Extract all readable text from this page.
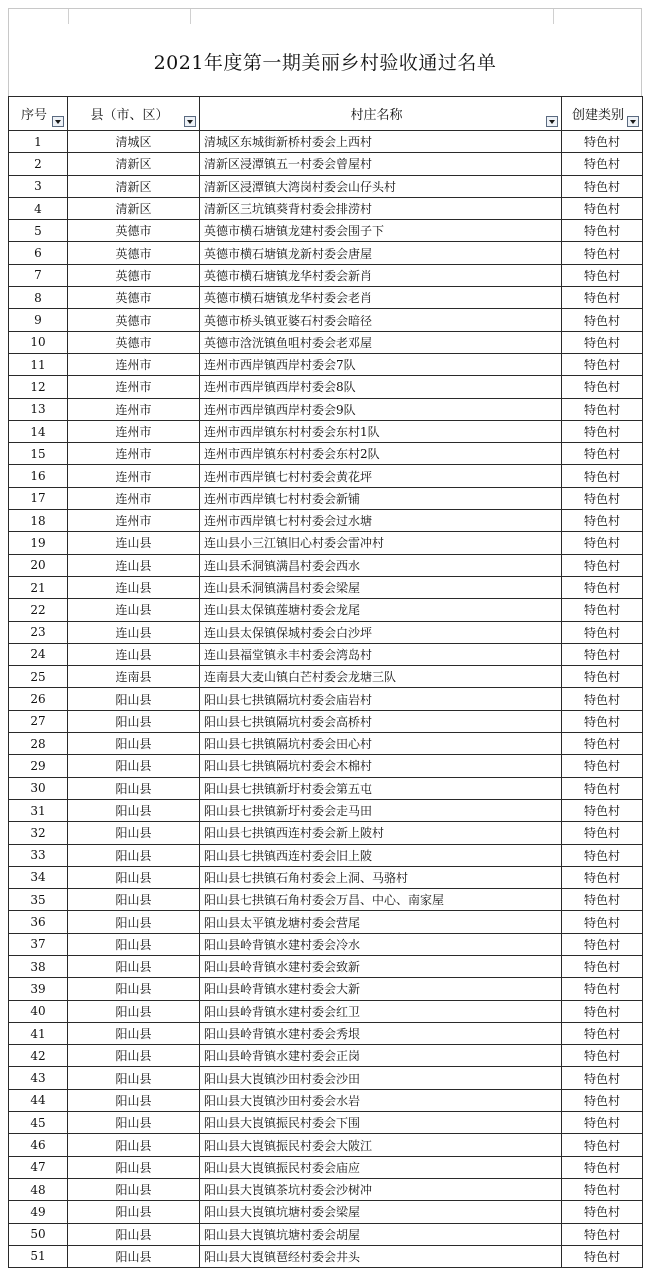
2021年度第一期美丽乡村验收通过名单
序号	县（市、区）	村庄名称	创建类别

1	清城区	清城区东城街新桥村委会上西村	特色村
2	清新区	清新区浸潭镇五一村委会曾屋村	特色村
3	清新区	清新区浸潭镇大湾岗村委会山仔头村	特色村
4	清新区	清新区三坑镇葵背村委会排涝村	特色村
5	英德市	英德市横石塘镇龙建村委会围子下	特色村
6	英德市	英德市横石塘镇龙新村委会唐屋	特色村
7	英德市	英德市横石塘镇龙华村委会新肖	特色村
8	英德市	英德市横石塘镇龙华村委会老肖	特色村
9	英德市	英德市桥头镇亚婆石村委会暗径	特色村
10	英德市	英德市浛洸镇鱼咀村委会老邓屋	特色村
11	连州市	连州市西岸镇西岸村委会7队	特色村
12	连州市	连州市西岸镇西岸村委会8队	特色村
13	连州市	连州市西岸镇西岸村委会9队	特色村
14	连州市	连州市西岸镇东村村委会东村1队	特色村
15	连州市	连州市西岸镇东村村委会东村2队	特色村
16	连州市	连州市西岸镇七村村委会黄花坪	特色村
17	连州市	连州市西岸镇七村村委会新铺	特色村
18	连州市	连州市西岸镇七村村委会过水塘	特色村
19	连山县	连山县小三江镇旧心村委会雷冲村	特色村
20	连山县	连山县禾洞镇满昌村委会西水	特色村
21	连山县	连山县禾洞镇满昌村委会梁屋	特色村
22	连山县	连山县太保镇莲塘村委会龙尾	特色村
23	连山县	连山县太保镇保城村委会白沙坪	特色村
24	连山县	连山县福堂镇永丰村委会湾岛村	特色村
25	连南县	连南县大麦山镇白芒村委会龙塘三队	特色村
26	阳山县	阳山县七拱镇隔坑村委会庙岩村	特色村
27	阳山县	阳山县七拱镇隔坑村委会高桥村	特色村
28	阳山县	阳山县七拱镇隔坑村委会田心村	特色村
29	阳山县	阳山县七拱镇隔坑村委会木棉村	特色村
30	阳山县	阳山县七拱镇新圩村委会第五屯	特色村
31	阳山县	阳山县七拱镇新圩村委会走马田	特色村
32	阳山县	阳山县七拱镇西连村委会新上陂村	特色村
33	阳山县	阳山县七拱镇西连村委会旧上陂	特色村
34	阳山县	阳山县七拱镇石角村委会上洞、马骆村	特色村
35	阳山县	阳山县七拱镇石角村委会万昌、中心、南家屋	特色村
36	阳山县	阳山县太平镇龙塘村委会营尾	特色村
37	阳山县	阳山县岭背镇水建村委会冷水	特色村
38	阳山县	阳山县岭背镇水建村委会致新	特色村
39	阳山县	阳山县岭背镇水建村委会大新	特色村
40	阳山县	阳山县岭背镇水建村委会红卫	特色村
41	阳山县	阳山县岭背镇水建村委会秀垠	特色村
42	阳山县	阳山县岭背镇水建村委会正岗	特色村
43	阳山县	阳山县大崀镇沙田村委会沙田	特色村
44	阳山县	阳山县大崀镇沙田村委会水岩	特色村
45	阳山县	阳山县大崀镇振民村委会下围	特色村
46	阳山县	阳山县大崀镇振民村委会大陂江	特色村
47	阳山县	阳山县大崀镇振民村委会庙应	特色村
48	阳山县	阳山县大崀镇茶坑村委会沙树冲	特色村
49	阳山县	阳山县大崀镇坑塘村委会梁屋	特色村
50	阳山县	阳山县大崀镇坑塘村委会胡屋	特色村
51	阳山县	阳山县大崀镇琶经村委会井头	特色村
